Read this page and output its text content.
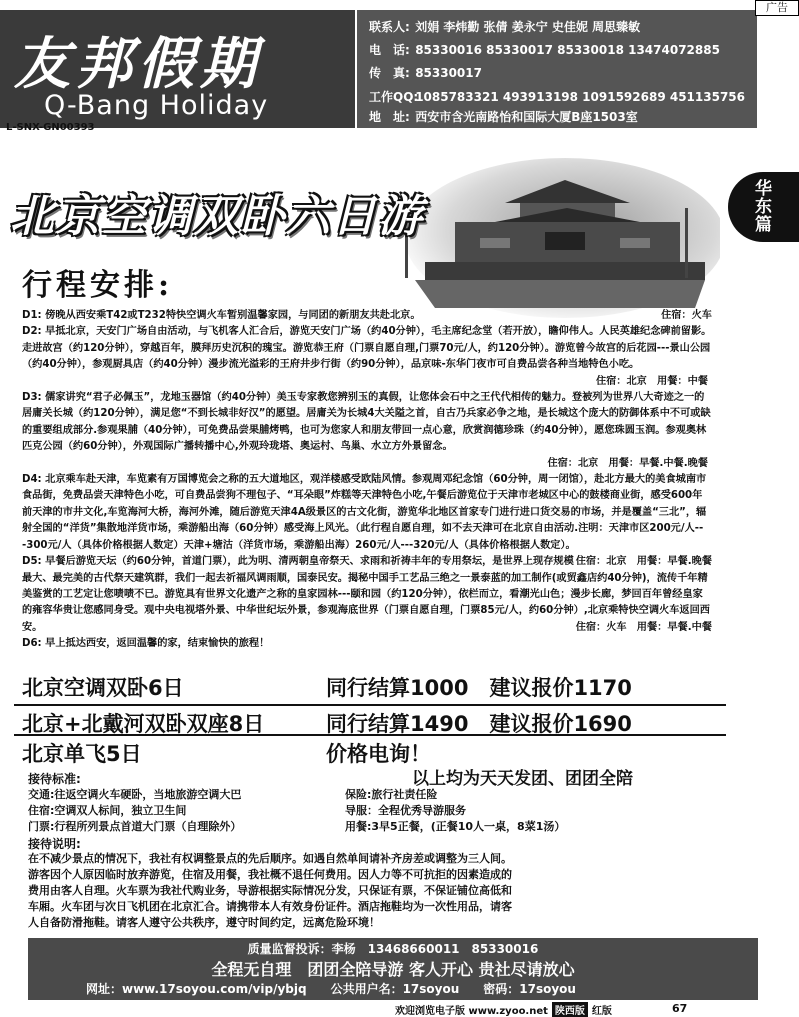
友邦假期
Q-Bang Holiday
L-SNX-GN00393
联系人: 刘娟 李炜勤 张倩 姜永宁 史佳妮 周思臻敏
电　话: 85330016 85330017 85330018 13474072885
传　真: 85330017
工作QQ: 1085783321 493913198 1091592689 451135756
地　址: 西安市含光南路怡和国际大厦B座1503室
广告
华
东
篇
北京空调双卧六日游
行程安排:
D1: 傍晚从西安乘T42或T232特快空调火车暂别温馨家园，与同团的新朋友共赴北京。	住宿：火车
D2: 早抵北京，天安门广场自由活动，与飞机客人汇合后，游览天安门广场（约40分钟），毛主席纪念堂（若开放），瞻仰伟人。人民英雄纪念碑前留影。走进故宫（约120分钟），穿越百年，膜拜历史沉积的瑰宝。游览恭王府（门票自愿自理,门票70元/人，约120分钟）。游览曾今故宫的后花园---景山公园（约40分钟），参观厨具店（约40分钟）漫步流光溢彩的王府井步行街（约90分钟），品京味-东华门夜市可自费品尝各种当地特色小吃。
住宿：北京　用餐：中餐
D3: 儒家讲究“君子必佩玉”，龙地玉器馆（约40分钟）美玉专家教您辨别玉的真假，让您体会石中之王代代相传的魅力。登被列为世界八大奇迹之一的居庸关长城（约120分钟），满足您“不到长城非好汉”的愿望。居庸关为长城4大关隘之首，自古乃兵家必争之地，是长城这个庞大的防御体系中不可或缺的重要组成部分.参观果脯（40分钟），可免费品尝果脯烤鸭，也可为您家人和朋友带回一点心意，欣赏润德珍珠（约40分钟），愿您珠圆玉润。参观奥林匹克公园（约60分钟），外观国际广播转播中心,外观玲珑塔、奥运村、鸟巢、水立方外景留念。
住宿：北京　用餐：早餐.中餐.晚餐
D4: 北京乘车赴天津，车览素有万国博览会之称的五大道地区，观洋楼感受欧陆风情。参观周邓纪念馆（60分钟，周一闭馆），赴北方最大的美食城南市食品街，免费品尝天津特色小吃，可自费品尝狗不理包子、“耳朵眼”炸糕等天津特色小吃,午餐后游览位于天津市老城区中心的鼓楼商业街，感受600年前天津的市井文化,车览海河大桥，海河外滩，随后游览天津4A级景区的古文化街，游览华北地区首家专门进行进口货交易的市场，并是覆盖“三北”，辐射全国的“洋货”集散地洋货市场，乘游船出海（60分钟）感受海上风光。（此行程自愿自理，如不去天津可在北京自由活动.注明：天津市区200元/人---300元/人（具体价格根据人数定）天津+塘沽（洋货市场，乘游船出海）260元/人---320元/人（具体价格根据人数定）。
住宿：北京　用餐：早餐.晚餐
D5: 早餐后游览天坛（约60分钟，首道门票），此为明、清两朝皇帝祭天、求雨和祈祷丰年的专用祭坛，是世界上现存规模最大、最完美的古代祭天建筑群，我们一起去祈福风调雨顺，国泰民安。揭秘中国手工艺品三绝之一景泰蓝的加工制作(或贸鑫店约40分钟)，流传千年精美鉴赏的工艺定让您啧啧不已。游览具有世界文化遗产之称的皇家园林---颐和园（约120分钟），依栏而立，看潮光山色；漫步长廊，梦回百年曾经皇家的雍容华贵让您感同身受。观中央电视塔外景、中华世纪坛外景，参观海底世界（门票自愿自理，门票85元/人，约60分钟）,北京乘特快空调火车返回西安。	住宿：火车　用餐：早餐.中餐
D6: 早上抵达西安，返回温馨的家，结束愉快的旅程！
北京空调双卧6日	同行结算1000　建议报价1170
北京+北戴河双卧双座8日	同行结算1490　建议报价1690
北京单飞5日	价格电询！
以上均为天天发团、团团全陪
接待标准:
交通:往返空调火车硬卧，当地旅游空调大巴
住宿:空调双人标间，独立卫生间
门票:行程所列景点首道大门票（自理除外）
保险:旅行社责任险
导服：全程优秀导游服务
用餐:3早5正餐，(正餐10人一桌，8菜1汤）
接待说明:
在不减少景点的情况下，我社有权调整景点的先后顺序。如遇自然单间请补齐房差或调整为三人间。
游客因个人原因临时放弃游览，住宿及用餐，我社概不退任何费用。因人力等不可抗拒的因素造成的
费用由客人自理。火车票为我社代购业务，导游根据实际情况分发，只保证有票，不保证铺位高低和
车厢。火车团与次日飞机团在北京汇合。请携带本人有效身份证件。酒店拖鞋均为一次性用品，请客
人自备防滑拖鞋。请客人遵守公共秩序，遵守时间约定，远离危险环境！
质量监督投诉：李杨　13468660011　85330016
全程无自理　团团全陪导游 客人开心 贵社尽请放心
网址：www.17soyou.com/vip/ybjq　　公共用户名：17soyou　　密码：17soyou
欢迎浏览电子版 www.zyoo.net 陕西版 红版	67
